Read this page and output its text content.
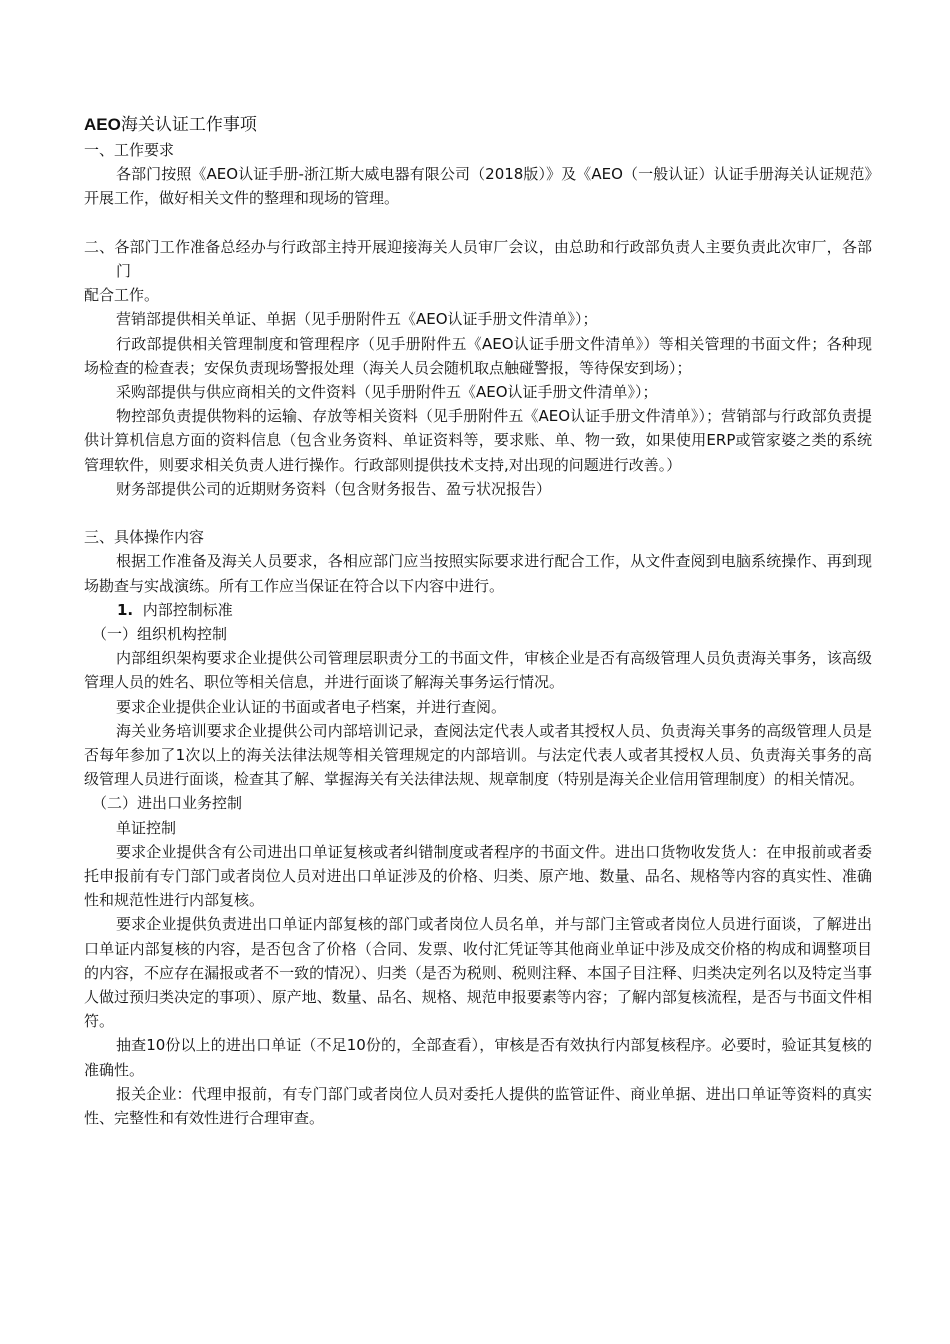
AEO海关认证工作事项

一、工作要求

各部门按照《AEO认证手册-浙江斯大威电器有限公司（2018版）》及《AEO（一般认证）认证手册海关认证规范》开展工作，做好相关文件的整理和现场的管理。

二、各部门工作准备总经办与行政部主持开展迎接海关人员审厂会议，由总助和行政部负责人主要负责此次审厂，各部门

配合工作。

营销部提供相关单证、单据（见手册附件五《AEO认证手册文件清单》）；

行政部提供相关管理制度和管理程序（见手册附件五《AEO认证手册文件清单》）等相关管理的书面文件；各种现场检查的检查表；安保负责现场警报处理（海关人员会随机取点触碰警报，等待保安到场）；

采购部提供与供应商相关的文件资料（见手册附件五《AEO认证手册文件清单》）；

物控部负责提供物料的运输、存放等相关资料（见手册附件五《AEO认证手册文件清单》）；营销部与行政部负责提供计算机信息方面的资料信息（包含业务资料、单证资料等，要求账、单、物一致，如果使用ERP或管家婆之类的系统管理软件，则要求相关负责人进行操作。行政部则提供技术支持,对出现的问题进行改善。）

财务部提供公司的近期财务资料（包含财务报告、盈亏状况报告）

三、具体操作内容

根据工作准备及海关人员要求，各相应部门应当按照实际要求进行配合工作，从文件查阅到电脑系统操作、再到现场勘查与实战演练。所有工作应当保证在符合以下内容中进行。

1. 内部控制标准

（一）组织机构控制

内部组织架构要求企业提供公司管理层职责分工的书面文件，审核企业是否有高级管理人员负责海关事务，该高级管理人员的姓名、职位等相关信息，并进行面谈了解海关事务运行情况。

要求企业提供企业认证的书面或者电子档案，并进行查阅。

海关业务培训要求企业提供公司内部培训记录，查阅法定代表人或者其授权人员、负责海关事务的高级管理人员是否每年参加了1次以上的海关法律法规等相关管理规定的内部培训。与法定代表人或者其授权人员、负责海关事务的高级管理人员进行面谈，检查其了解、掌握海关有关法律法规、规章制度（特别是海关企业信用管理制度）的相关情况。

（二）进出口业务控制

单证控制

要求企业提供含有公司进出口单证复核或者纠错制度或者程序的书面文件。进出口货物收发货人：在申报前或者委托申报前有专门部门或者岗位人员对进出口单证涉及的价格、归类、原产地、数量、品名、规格等内容的真实性、准确性和规范性进行内部复核。

要求企业提供负责进出口单证内部复核的部门或者岗位人员名单，并与部门主管或者岗位人员进行面谈，了解进出口单证内部复核的内容，是否包含了价格（合同、发票、收付汇凭证等其他商业单证中涉及成交价格的构成和调整项目的内容，不应存在漏报或者不一致的情况）、归类（是否为税则、税则注释、本国子目注释、归类决定列名以及特定当事人做过预归类决定的事项）、原产地、数量、品名、规格、规范申报要素等内容；了解内部复核流程，是否与书面文件相符。

抽查10份以上的进出口单证（不足10份的，全部查看），审核是否有效执行内部复核程序。必要时，验证其复核的准确性。

报关企业：代理申报前，有专门部门或者岗位人员对委托人提供的监管证件、商业单据、进出口单证等资料的真实性、完整性和有效性进行合理审查。
